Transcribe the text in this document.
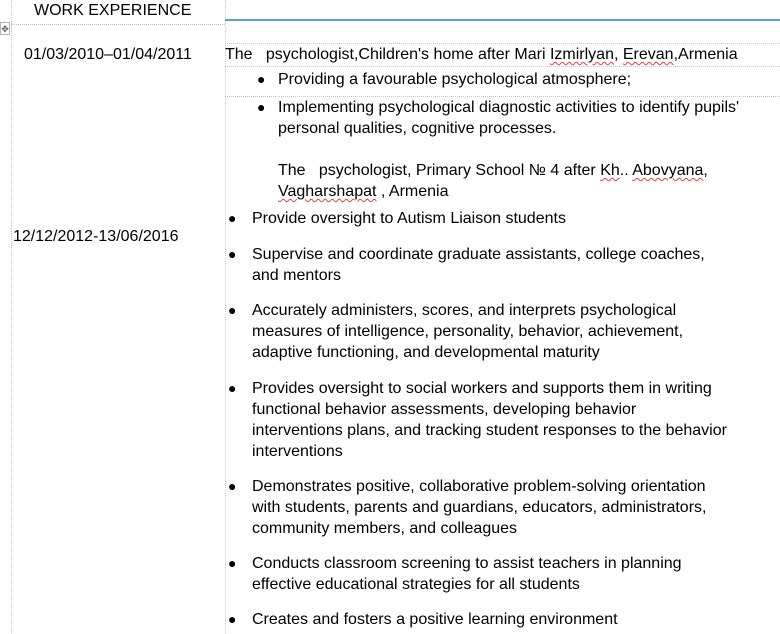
✥
WORK EXPERIENCE
01/03/2010–01/04/2011 The   psychologist,Children's home after Mari Izmirlyan, Erevan,Armenia
● Providing a favourable psychological atmosphere;
● Implementing psychological diagnostic activities to identify pupils'
personal qualities, cognitive processes.
The   psychologist, Primary School № 4 after Kh.. Abovyana,
Vagharshapat , Armenia
12/12/2012-13/06/2016
● Provide oversight to Autism Liaison students
● Supervise and coordinate graduate assistants, college coaches,
and mentors
● Accurately administers, scores, and interprets psychological
measures of intelligence, personality, behavior, achievement,
adaptive functioning, and developmental maturity
● Provides oversight to social workers and supports them in writing
functional behavior assessments, developing behavior
interventions plans, and tracking student responses to the behavior
interventions
● Demonstrates positive, collaborative problem-solving orientation
with students, parents and guardians, educators, administrators,
community members, and colleagues
● Conducts classroom screening to assist teachers in planning
effective educational strategies for all students
● Creates and fosters a positive learning environment
